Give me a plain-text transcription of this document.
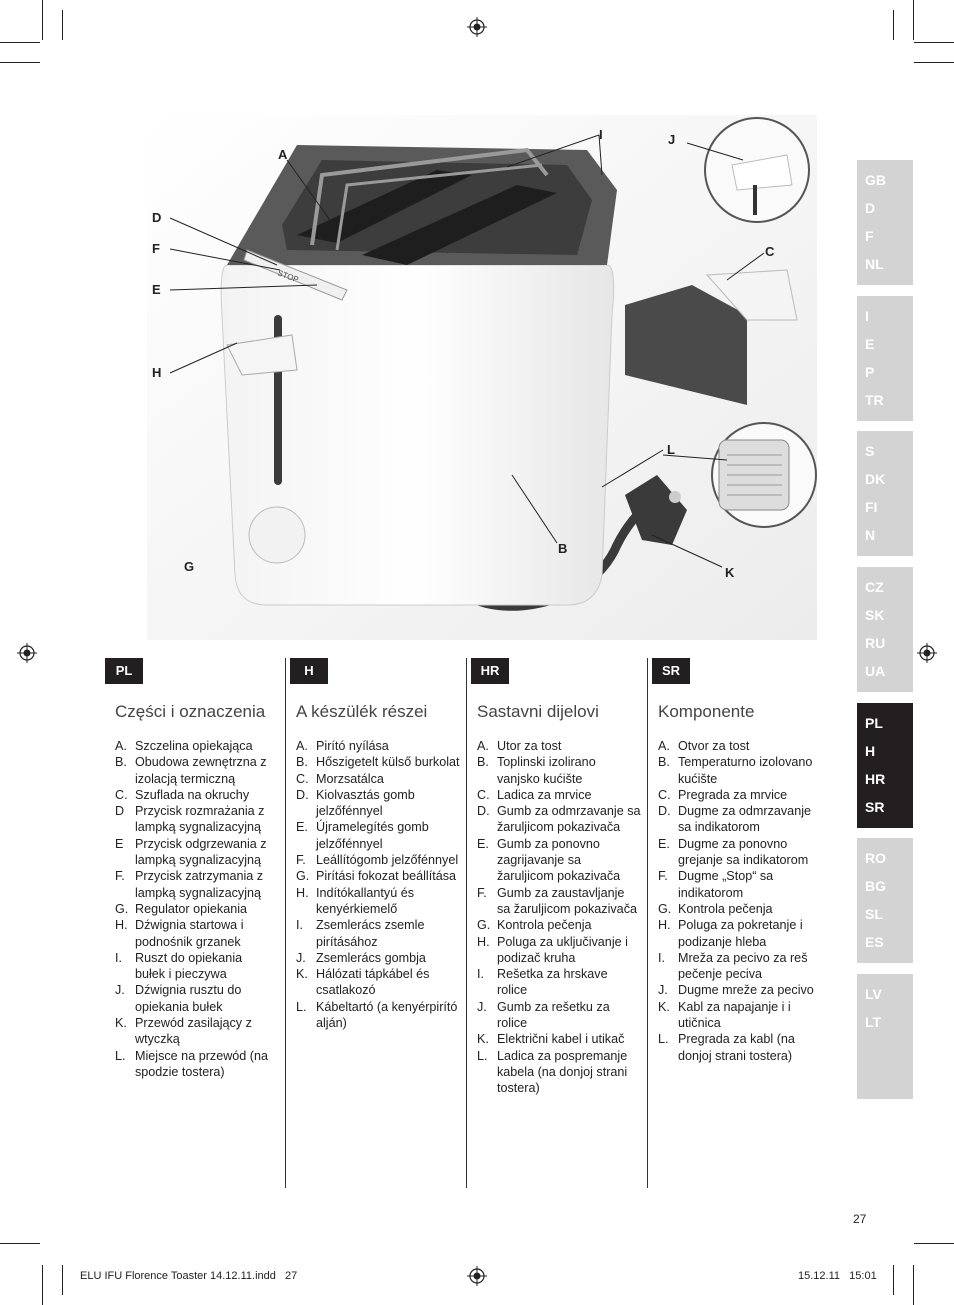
STOP
A
D
F
E
H
G
I	J
C
L
B
K
GB
D
F
NL
I
E
P
TR
S
DK
FI
N
CZ
SK
RU
UA
PL
H
HR
SR
RO
BG
SL
ES
LV
LT
PL
Części i oznaczenia
A. Szczelina opiekająca
B. Obudowa zewnętrzna z izolacją termiczną
C. Szuflada na okruchy
D Przycisk rozmrażania z lampką sygnalizacyjną
E Przycisk odgrzewania z lampką sygnalizacyjną
F. Przycisk zatrzymania z lampką sygnalizacyjną
G. Regulator opiekania
H. Dźwignia startowa i podnośnik grzanek
I.	Ruszt do opiekania bułek i pieczywa
J. Dźwignia rusztu do opiekania bułek
K. Przewód zasilający z wtyczką
L. Miejsce na przewód (na spodzie tostera)
H
A készülék részei
A. Pirító nyílása
B. Hőszigetelt külső burkolat
C. Morzsatálca
D. Kiolvasztás gomb jelzőfénnyel
E. Újramelegítés gomb jelzőfénnyel
F. Leállítógomb jelzőfénnyel
G. Pirítási fokozat beállítása
H. Indítókallantyú és kenyérkiemelő
I.	Zsemlerács zsemle pirításához
J. Zsemlerács gombja
K. Hálózati tápkábel és csatlakozó
L. Kábeltartó (a kenyérpirító alján)
HR
Sastavni dijelovi
A. Utor za tost
B. Toplinski izolirano vanjsko kućište
C. Ladica za mrvice
D. Gumb za odmrzavanje sa žaruljicom pokazivača
E. Gumb za ponovno zagrijavanje sa žaruljicom pokazivača
F. Gumb za zaustavljanje sa žaruljicom pokazivača
G. Kontrola pečenja
H. Poluga za uključivanje i podizač kruha
I.	Rešetka za hrskave rolice
J. Gumb za rešetku za rolice
K. Električni kabel i utikač
L. Ladica za pospremanje kabela (na donjoj strani tostera)
SR
Komponente
A. Otvor za tost
B. Temperaturno izolovano kućište
C. Pregrada za mrvice
D. Dugme za odmrzavanje sa indikatorom
E. Dugme za ponovno grejanje sa indikatorom
F. Dugme „Stop“ sa indikatorom
G. Kontrola pečenja
H. Poluga za pokretanje i podizanje hleba
I.	Mreža za pecivo za reš pečenje peciva
J. Dugme mreže za pecivo
K. Kabl za napajanje i i utičnica
L. Pregrada za kabl (na donjoj strani tostera)
27
ELU IFU Florence Toaster 14.12.11.indd   27	15.12.11   15:01
